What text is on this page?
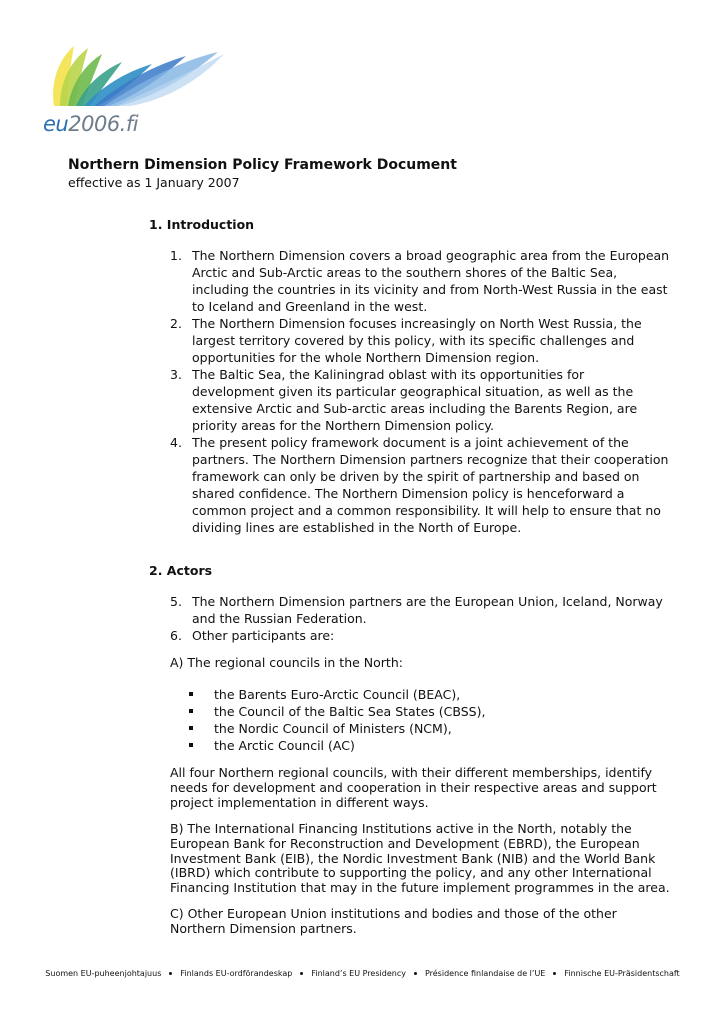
eu2006.fi
Northern Dimension Policy Framework Document
effective as 1 January 2007
1. Introduction
1. The Northern Dimension covers a broad geographic area from the European Arctic and Sub-Arctic areas to the southern shores of the Baltic Sea, including the countries in its vicinity and from North-West Russia in the east to Iceland and Greenland in the west.
2. The Northern Dimension focuses increasingly on North West Russia, the largest territory covered by this policy, with its specific challenges and opportunities for the whole Northern Dimension region.
3. The Baltic Sea, the Kaliningrad oblast with its opportunities for development given its particular geographical situation, as well as the extensive Arctic and Sub-arctic areas including the Barents Region, are priority areas for the Northern Dimension policy.
4. The present policy framework document is a joint achievement of the partners. The Northern Dimension partners recognize that their cooperation framework can only be driven by the spirit of partnership and based on shared confidence. The Northern Dimension policy is henceforward a common project and a common responsibility. It will help to ensure that no dividing lines are established in the North of Europe.
2. Actors
5. The Northern Dimension partners are the European Union, Iceland, Norway and the Russian Federation.
6. Other participants are:

A) The regional councils in the North:

the Barents Euro-Arctic Council (BEAC),
the Council of the Baltic Sea States (CBSS),
the Nordic Council of Ministers (NCM),
the Arctic Council (AC)

All four Northern regional councils, with their different memberships, identify needs for development and cooperation in their respective areas and support project implementation in different ways.

B) The International Financing Institutions active in the North, notably the European Bank for Reconstruction and Development (EBRD), the European Investment Bank (EIB), the Nordic Investment Bank (NIB) and the World Bank (IBRD) which contribute to supporting the policy, and any other International Financing Institution that may in the future implement programmes in the area.

C) Other European Union institutions and bodies and those of the other Northern Dimension partners.

Suomen EU-puheenjohtajuus Finlands EU-ordförandeskap Finland’s EU Presidency Présidence finlandaise de l’UE Finnische EU-Präsidentschaft
